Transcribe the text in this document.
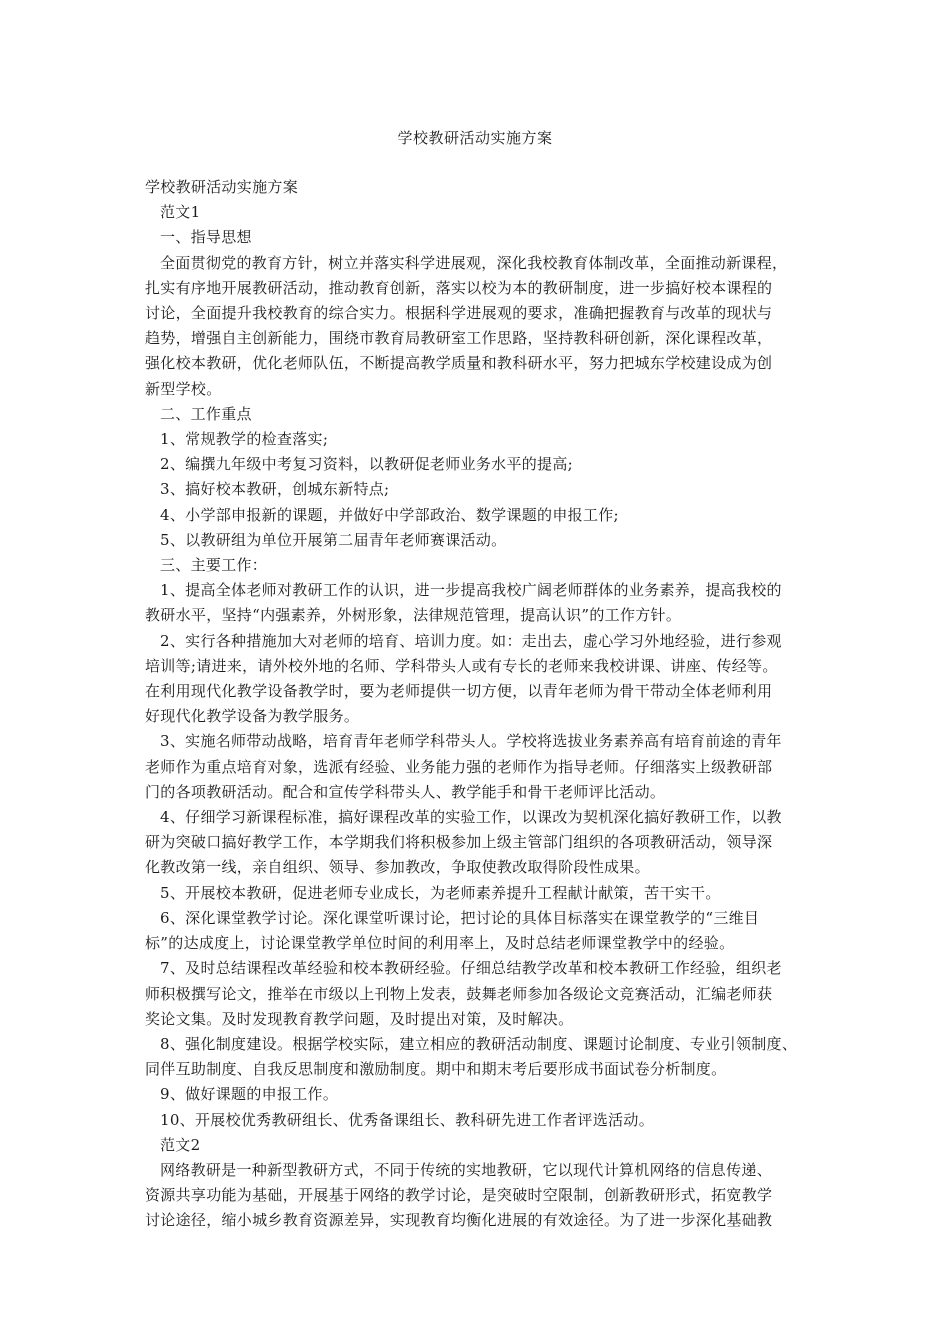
学校教研活动实施方案
学校教研活动实施方案
范文1
一、指导思想
全面贯彻党的教育方针，树立并落实科学进展观，深化我校教育体制改革，全面推动新课程，
扎实有序地开展教研活动，推动教育创新，落实以校为本的教研制度，进一步搞好校本课程的
讨论，全面提升我校教育的综合实力。根据科学进展观的要求，准确把握教育与改革的现状与
趋势，增强自主创新能力，围绕市教育局教研室工作思路，坚持教科研创新，深化课程改革，
强化校本教研，优化老师队伍，不断提高教学质量和教科研水平，努力把城东学校建设成为创
新型学校。
二、工作重点
1、常规教学的检查落实;
2、编撰九年级中考复习资料，以教研促老师业务水平的提高;
3、搞好校本教研，创城东新特点;
4、小学部申报新的课题，并做好中学部政治、数学课题的申报工作;
5、以教研组为单位开展第二届青年老师赛课活动。
三、主要工作：
1、提高全体老师对教研工作的认识，进一步提高我校广阔老师群体的业务素养，提高我校的
教研水平，坚持“内强素养，外树形象，法律规范管理，提高认识”的工作方针。
2、实行各种措施加大对老师的培育、培训力度。如：走出去，虚心学习外地经验，进行参观
培训等;请进来，请外校外地的名师、学科带头人或有专长的老师来我校讲课、讲座、传经等。
在利用现代化教学设备教学时，要为老师提供一切方便，以青年老师为骨干带动全体老师利用
好现代化教学设备为教学服务。
3、实施名师带动战略，培育青年老师学科带头人。学校将选拔业务素养高有培育前途的青年
老师作为重点培育对象，选派有经验、业务能力强的老师作为指导老师。仔细落实上级教研部
门的各项教研活动。配合和宣传学科带头人、教学能手和骨干老师评比活动。
4、仔细学习新课程标准，搞好课程改革的实验工作，以课改为契机深化搞好教研工作，以教
研为突破口搞好教学工作，本学期我们将积极参加上级主管部门组织的各项教研活动，领导深
化教改第一线，亲自组织、领导、参加教改，争取使教改取得阶段性成果。
5、开展校本教研，促进老师专业成长，为老师素养提升工程献计献策，苦干实干。
6、深化课堂教学讨论。深化课堂听课讨论，把讨论的具体目标落实在课堂教学的“三维目
标”的达成度上，讨论课堂教学单位时间的利用率上，及时总结老师课堂教学中的经验。
7、及时总结课程改革经验和校本教研经验。仔细总结教学改革和校本教研工作经验，组织老
师积极撰写论文，推举在市级以上刊物上发表，鼓舞老师参加各级论文竞赛活动，汇编老师获
奖论文集。及时发现教育教学问题，及时提出对策，及时解决。
8、强化制度建设。根据学校实际，建立相应的教研活动制度、课题讨论制度、专业引领制度、
同伴互助制度、自我反思制度和激励制度。期中和期末考后要形成书面试卷分析制度。
9、做好课题的申报工作。
10、开展校优秀教研组长、优秀备课组长、教科研先进工作者评选活动。
范文2
网络教研是一种新型教研方式，不同于传统的实地教研，它以现代计算机网络的信息传递、
资源共享功能为基础，开展基于网络的教学讨论，是突破时空限制，创新教研形式，拓宽教学
讨论途径，缩小城乡教育资源差异，实现教育均衡化进展的有效途径。为了进一步深化基础教
